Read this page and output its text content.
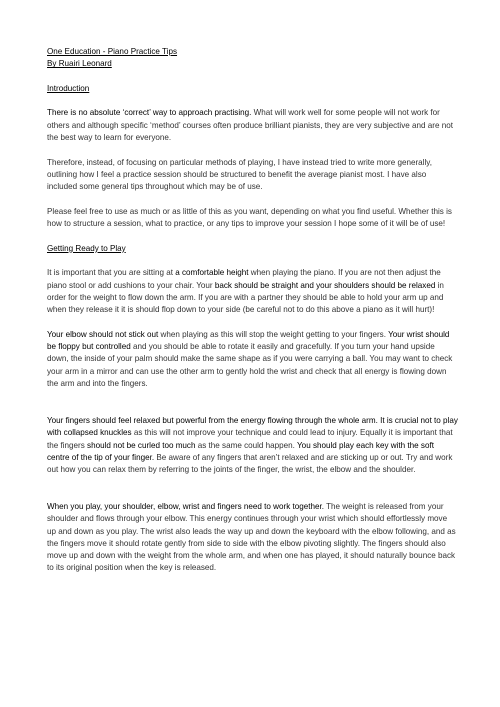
One Education - Piano Practice Tips

By Ruairi Leonard

Introduction

There is no absolute ‘correct’ way to approach practising. What will work well for some people will not work for others and although specific ‘method’ courses often produce brilliant pianists, they are very subjective and are not the best way to learn for everyone.

Therefore, instead, of focusing on particular methods of playing, I have instead tried to write more generally, outlining how I feel a practice session should be structured to benefit the average pianist most. I have also included some general tips throughout which may be of use.

Please feel free to use as much or as little of this as you want, depending on what you find useful. Whether this is how to structure a session, what to practice, or any tips to improve your session I hope some of it will be of use!

Getting Ready to Play

It is important that you are sitting at a comfortable height when playing the piano. If you are not then adjust the piano stool or add cushions to your chair. Your back should be straight and your shoulders should be relaxed in order for the weight to flow down the arm. If you are with a partner they should be able to hold your arm up and when they release it it is should flop down to your side (be careful not to do this above a piano as it will hurt)!

Your elbow should not stick out when playing as this will stop the weight getting to your fingers. Your wrist should be floppy but controlled and you should be able to rotate it easily and gracefully. If you turn your hand upside down, the inside of your palm should make the same shape as if you were carrying a ball. You may want to check your arm in a mirror and can use the other arm to gently hold the wrist and check that all energy is flowing down the arm and into the fingers.

Your fingers should feel relaxed but powerful from the energy flowing through the whole arm. It is crucial not to play with collapsed knuckles as this will not improve your technique and could lead to injury. Equally it is important that the fingers should not be curled too much as the same could happen. You should play each key with the soft centre of the tip of your finger. Be aware of any fingers that aren’t relaxed and are sticking up or out. Try and work out how you can relax them by referring to the joints of the finger, the wrist, the elbow and the shoulder.

When you play, your shoulder, elbow, wrist and fingers need to work together. The weight is released from your shoulder and flows through your elbow. This energy continues through your wrist which should effortlessly move up and down as you play. The wrist also leads the way up and down the keyboard with the elbow following, and as the fingers move it should rotate gently from side to side with the elbow pivoting slightly. The fingers should also move up and down with the weight from the whole arm, and when one has played, it should naturally bounce back to its original position when the key is released.
